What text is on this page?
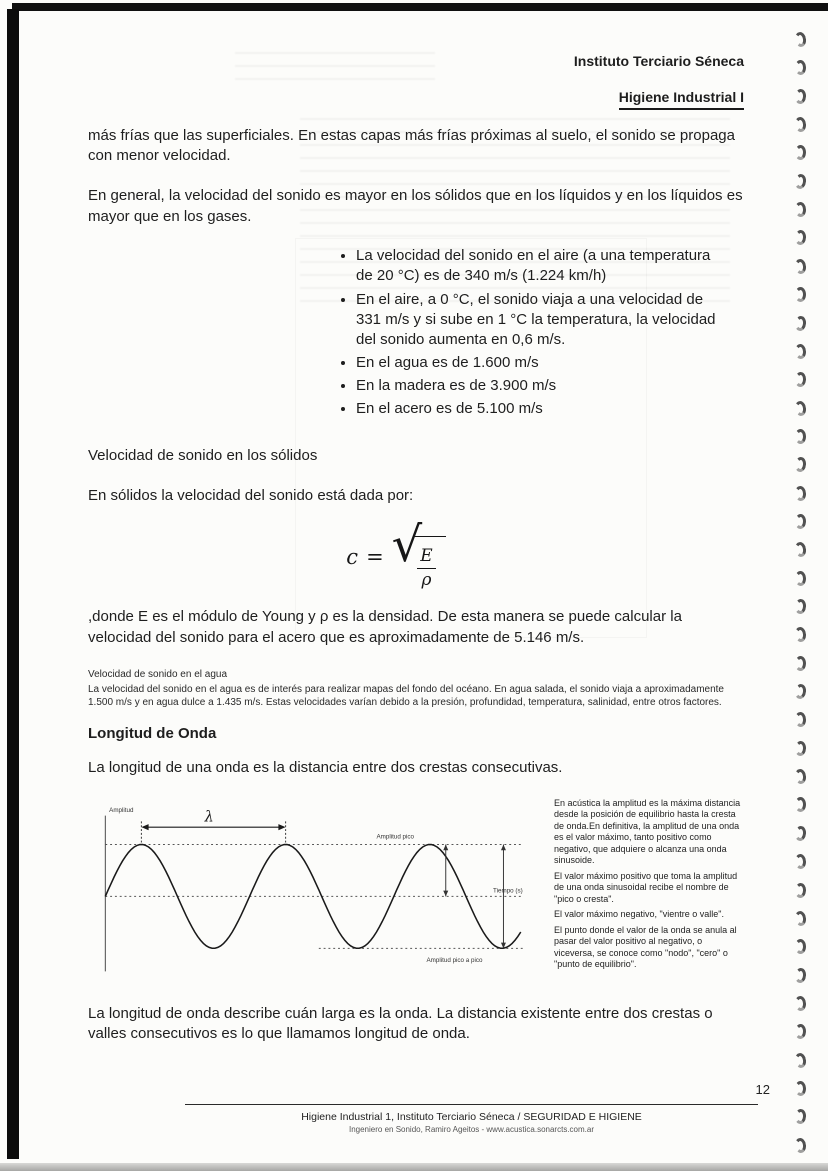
Instituto Terciario Séneca

Higiene Industrial I

más frías que las superficiales. En estas capas más frías próximas al suelo, el sonido se propaga con menor velocidad.

En general, la velocidad del sonido es mayor en los sólidos que en los líquidos y en los líquidos es mayor que en los gases.

• La velocidad del sonido en el aire (a una temperatura de 20 °C) es de 340 m/s (1.224 km/h)
• En el aire, a 0 °C, el sonido viaja a una velocidad de 331 m/s y si sube en 1 °C la temperatura, la velocidad del sonido aumenta en 0,6 m/s.
• En el agua es de 1.600 m/s
• En la madera es de 3.900 m/s
• En el acero es de 5.100 m/s

Velocidad de sonido en los sólidos

En sólidos la velocidad del sonido está dada por:

c = √
$\frac{E}{\rho}$

,donde E es el módulo de Young y ρ es la densidad. De esta manera se puede calcular la velocidad del sonido para el acero que es aproximadamente de 5.146 m/s.

Velocidad de sonido en el agua

La velocidad del sonido en el agua es de interés para realizar mapas del fondo del océano. En agua salada, el sonido viaja a aproximadamente 1.500 m/s y en agua dulce a 1.435 m/s. Estas velocidades varían debido a la presión, profundidad, temperatura, salinidad, entre otros factores.

Longitud de Onda

La longitud de una onda es la distancia entre dos crestas consecutivas.

Amplitud	λ
Amplitud pico
Amplitud pico a pico
Tiempo (s)

En acústica la amplitud es la máxima distancia desde la posición de equilibrio hasta la cresta de onda.En definitiva, la amplitud de una onda es el valor máximo, tanto positivo como negativo, que adquiere o alcanza una onda sinusoide.

El valor máximo positivo que toma la amplitud de una onda sinusoidal recibe el nombre de "pico o cresta".

El valor máximo negativo, "vientre o valle".

El punto donde el valor de la onda se anula al pasar del valor positivo al negativo, o viceversa, se conoce como "nodo", "cero" o "punto de equilibrio".

La longitud de onda describe cuán larga es la onda. La distancia existente entre dos crestas o valles consecutivos es lo que llamamos longitud de onda.

12
Higiene Industrial 1, Instituto Terciario Séneca / SEGURIDAD E HIGIENE
Ingeniero en Sonido, Ramiro Ageitos - www.acustica.sonarcts.com.ar
